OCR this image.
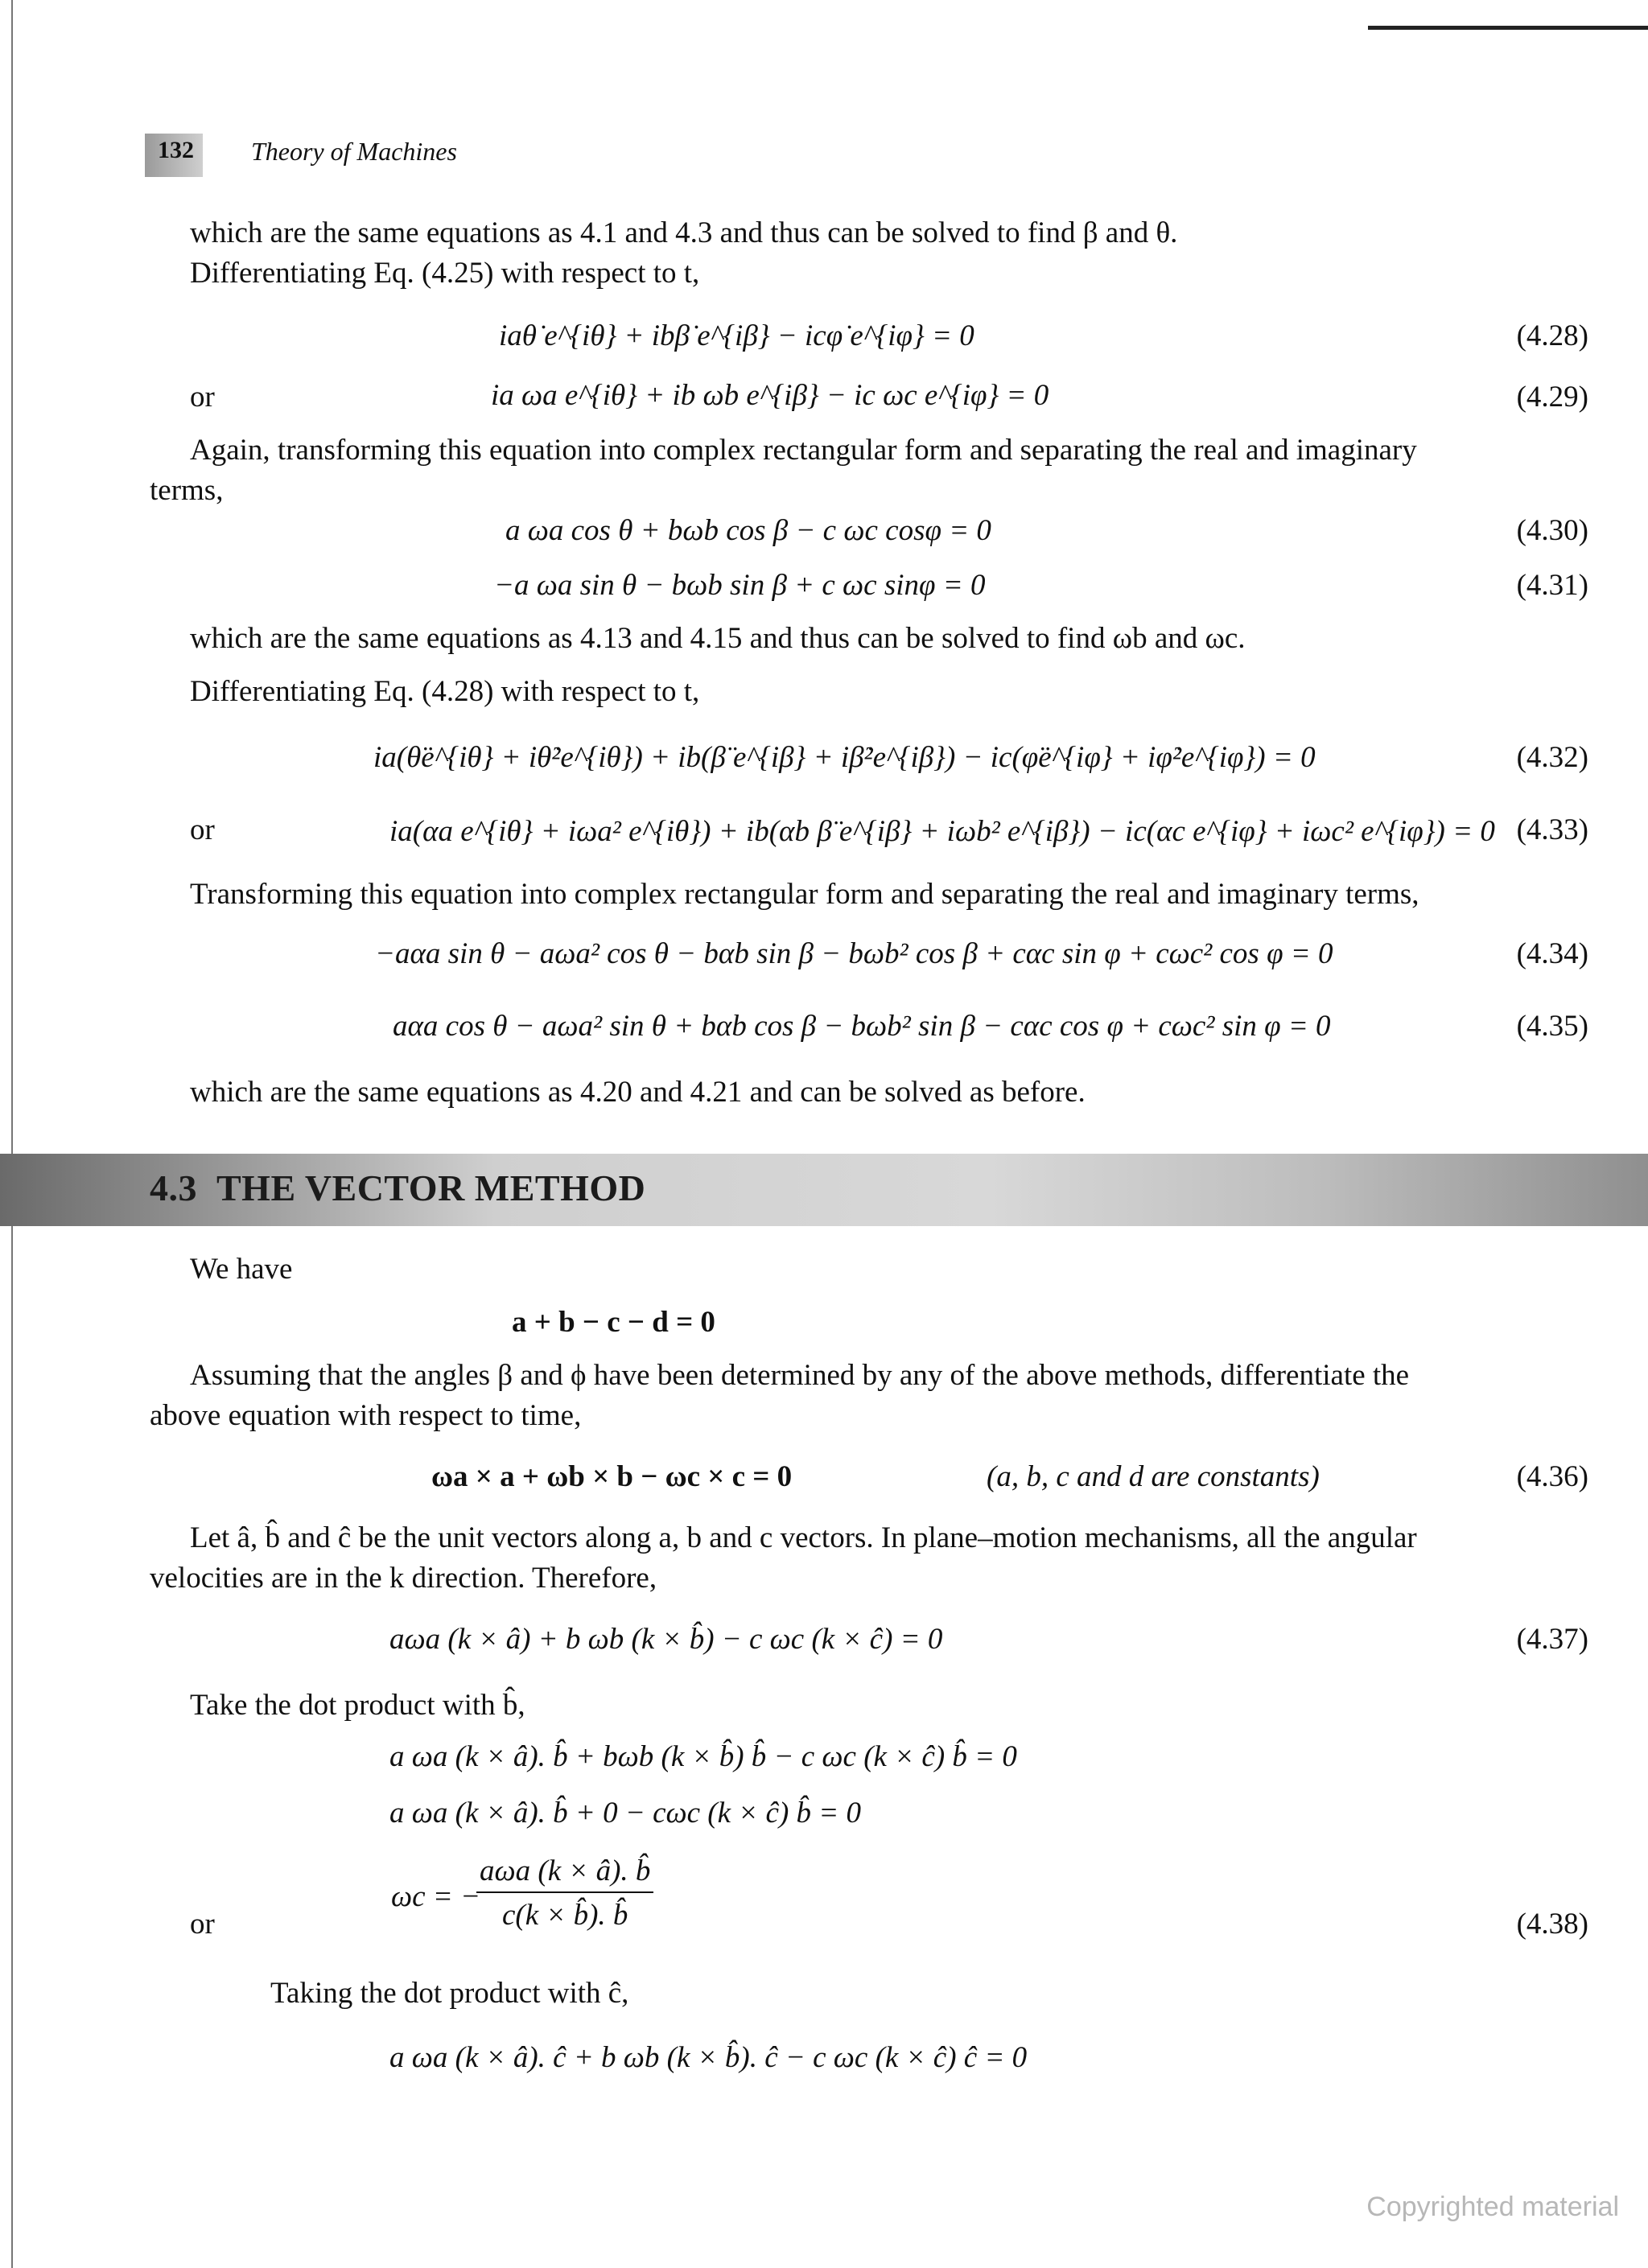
132 Theory of Machines
which are the same equations as 4.1 and 4.3 and thus can be solved to find β and θ.
Differentiating Eq. (4.25) with respect to t,
iaθ̇ e^{iθ} + ibβ̇ e^{iβ} − icφ̇ e^{iφ} = 0	(4.28)
or	ia ωa e^{iθ} + ib ωb e^{iβ} − ic ωc e^{iφ} = 0	(4.29)
Again, transforming this equation into complex rectangular form and separating the real and imaginary
terms,
a ωa cos θ + bωb cos β − c ωc cosφ = 0	(4.30)
−a ωa sin θ − bωb sin β + c ωc sinφ = 0	(4.31)
which are the same equations as 4.13 and 4.15 and thus can be solved to find ωb and ωc.
Differentiating Eq. (4.28) with respect to t,
ia(θ̈e^{iθ} + iθ̇²e^{iθ}) + ib(β̈ e^{iβ} + iβ̇²e^{iβ}) − ic(φ̈e^{iφ} + iφ̇²e^{iφ}) = 0	(4.32)
or	ia(αa e^{iθ} + iωa² e^{iθ}) + ib(αb β̈ e^{iβ} + iωb² e^{iβ}) − ic(αc e^{iφ} + iωc² e^{iφ}) = 0 (4.33)
Transforming this equation into complex rectangular form and separating the real and imaginary terms,
−aαa sin θ − aωa² cos θ − bαb sin β − bωb² cos β + cαc sin φ + cωc² cos φ = 0	(4.34)
aαa cos θ − aωa² sin θ + bαb cos β − bωb² sin β − cαc cos φ + cωc² sin φ = 0	(4.35)
which are the same equations as 4.20 and 4.21 and can be solved as before.
4.3 THE VECTOR METHOD
We have
a + b − c − d = 0
Assuming that the angles β and ϕ have been determined by any of the above methods, differentiate the
above equation with respect to time,
ωa × a + ωb × b − ωc × c = 0	(a, b, c and d are constants)	(4.36)
Let â, b̂ and ĉ be the unit vectors along a, b and c vectors. In plane–motion mechanisms, all the angular
velocities are in the k direction. Therefore,
aωa (k × â) + b ωb (k × b̂) − c ωc (k × ĉ) = 0	(4.37)
Take the dot product with b̂,
a ωa (k × â). b̂ + bωb (k × b̂) b̂ − c ωc (k × ĉ) b̂ = 0
a ωa (k × â). b̂ + 0 − cωc (k × ĉ) b̂ = 0
ωc = −
aωa (k × â). b̂
c(k × b̂). b̂
or	(4.38)
Taking the dot product with ĉ,
a ωa (k × â). ĉ + b ωb (k × b̂). ĉ − c ωc (k × ĉ) ĉ = 0
Copyrighted material
